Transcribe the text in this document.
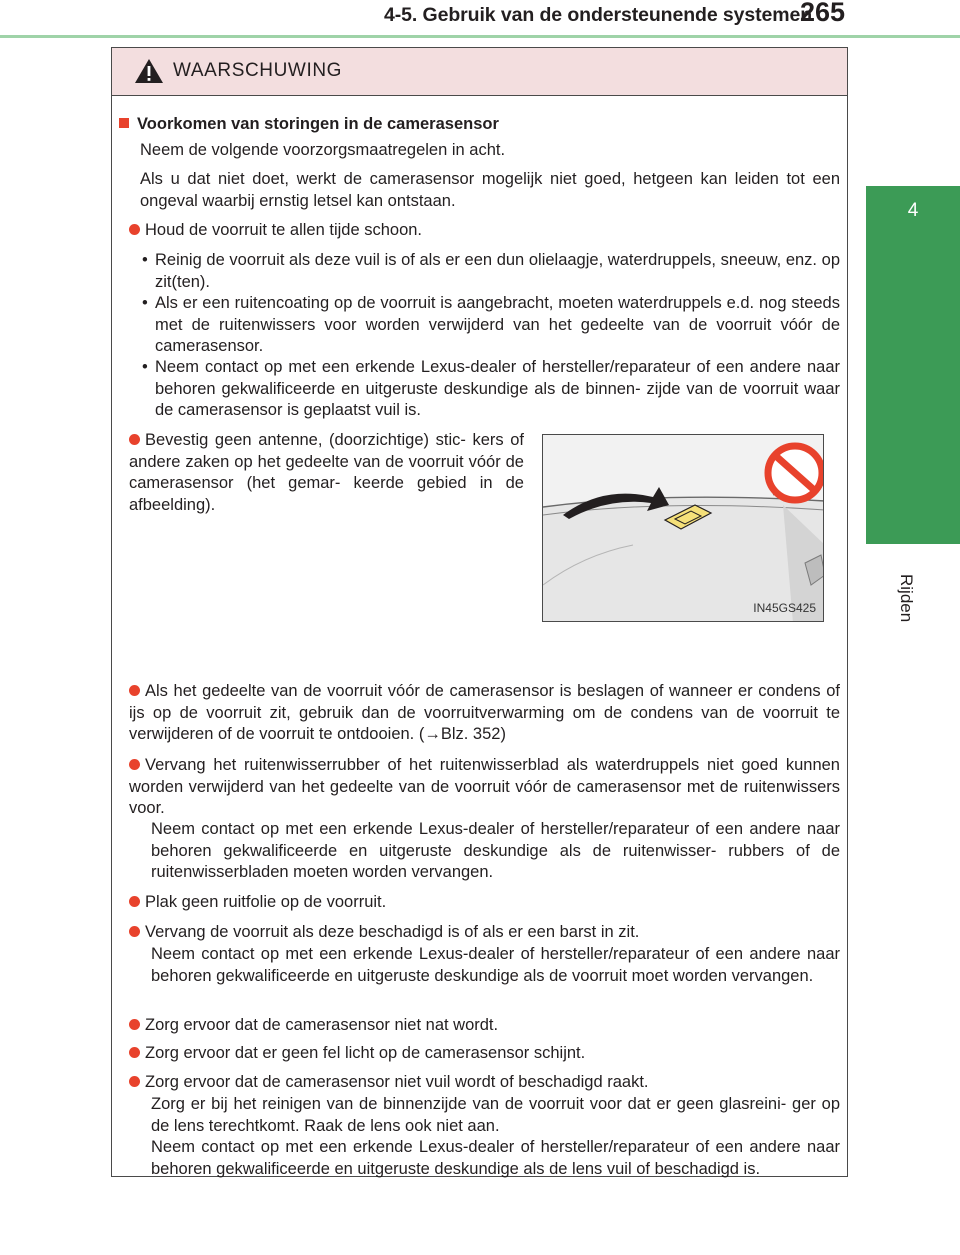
4-5. Gebruik van de ondersteunende systemen
265
4
Rijden
WAARSCHUWING
Voorkomen van storingen in de camerasensor
Neem de volgende voorzorgsmaatregelen in acht.
Als u dat niet doet, werkt de camerasensor mogelijk niet goed, hetgeen kan leiden tot een ongeval waarbij ernstig letsel kan ontstaan.
Houd de voorruit te allen tijde schoon.
• Reinig de voorruit als deze vuil is of als er een dun olielaagje, waterdruppels, sneeuw, enz. op zit(ten).
• Als er een ruitencoating op de voorruit is aangebracht, moeten waterdruppels e.d. nog steeds met de ruitenwissers voor worden verwijderd van het gedeelte van de voorruit vóór de camerasensor.
• Neem contact op met een erkende Lexus-dealer of hersteller/reparateur of een andere naar behoren gekwalificeerde en uitgeruste deskundige als de binnen- zijde van de voorruit waar de camerasensor is geplaatst vuil is.
Bevestig geen antenne, (doorzichtige) stic- kers of andere zaken op het gedeelte van de voorruit vóór de camerasensor (het gemar- keerde gebied in de afbeelding).
Als het gedeelte van de voorruit vóór de camerasensor is beslagen of wanneer er condens of ijs op de voorruit zit, gebruik dan de voorruitverwarming om de condens van de voorruit te verwijderen of de voorruit te ontdooien. (→Blz. 352)
Vervang het ruitenwisserrubber of het ruitenwisserblad als waterdruppels niet goed kunnen worden verwijderd van het gedeelte van de voorruit vóór de camerasensor met de ruitenwissers voor.
Neem contact op met een erkende Lexus-dealer of hersteller/reparateur of een andere naar behoren gekwalificeerde en uitgeruste deskundige als de ruitenwisser- rubbers of de ruitenwisserbladen moeten worden vervangen.
Plak geen ruitfolie op de voorruit.
Vervang de voorruit als deze beschadigd is of als er een barst in zit.
Neem contact op met een erkende Lexus-dealer of hersteller/reparateur of een andere naar behoren gekwalificeerde en uitgeruste deskundige als de voorruit moet worden vervangen.
Zorg ervoor dat de camerasensor niet nat wordt.
Zorg ervoor dat er geen fel licht op de camerasensor schijnt.
Zorg ervoor dat de camerasensor niet vuil wordt of beschadigd raakt.
Zorg er bij het reinigen van de binnenzijde van de voorruit voor dat er geen glasreini- ger op de lens terechtkomt. Raak de lens ook niet aan.
Neem contact op met een erkende Lexus-dealer of hersteller/reparateur of een andere naar behoren gekwalificeerde en uitgeruste deskundige als de lens vuil of beschadigd is.
IN45GS425
